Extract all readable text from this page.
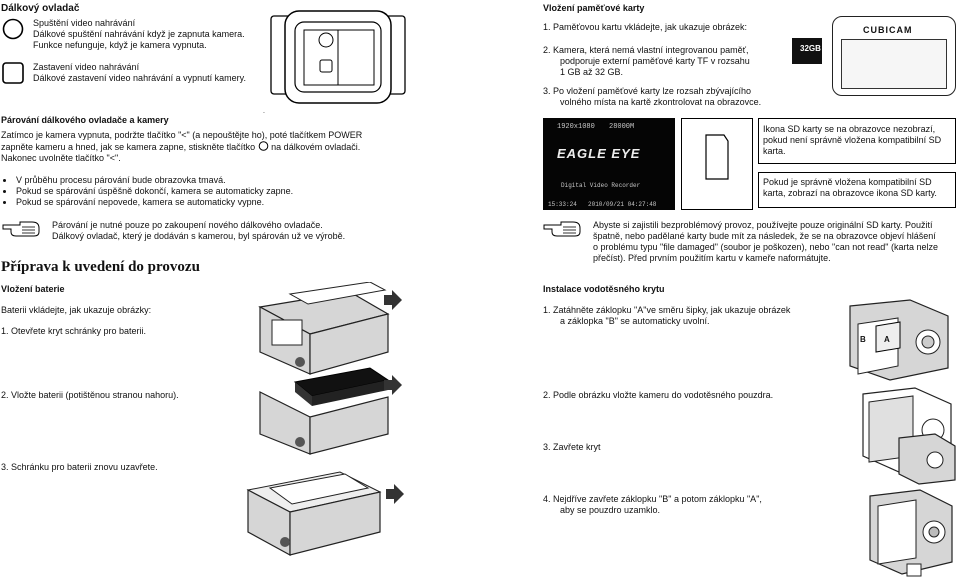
Dálkový ovladač
Spuštění video nahrávání
Dálkové spuštění nahrávání když je zapnuta kamera.
Funkce nefunguje, když je kamera vypnuta.
Zastavení video nahrávání
Dálkové zastavení video nahrávání a vypnutí kamery.
.
Párování dálkového ovladače a kamery
Zatímco je kamera vypnuta, podržte tlačítko "<" (a nepouštějte ho), poté tlačítkem POWER
zapněte kameru a hned, jak se kamera zapne, stiskněte tlačítko na dálkovém ovladači.
Nakonec uvolněte tlačítko "<".
V průběhu procesu párování bude obrazovka tmavá.
Pokud se spárování úspěšně dokončí, kamera se automaticky zapne.
Pokud se spárování nepovede, kamera se automaticky vypne.
Párování je nutné pouze po zakoupení nového dálkového ovladače.
Dálkový ovladač, který je dodáván s kamerou, byl spárován už ve výrobě.
Příprava k uvedení do provozu
Vložení baterie
Baterii vkládejte, jak ukazuje obrázky:
1. Otevřete kryt schránky pro baterii.
2. Vložte baterii (potištěnou stranou nahoru).
3. Schránku pro baterii znovu uzavřete.
Vložení paměťové karty
1. Paměťovou kartu vkládejte, jak ukazuje obrázek:
2. Kamera, která nemá vlastní integrovanou paměť,
podporuje externí paměťové karty TF v rozsahu
1 GB až 32 GB.
3. Po vložení paměťové karty lze rozsah zbývajícího
volného místa na kartě zkontrolovat na obrazovce.
32GB
CUBICAM
1920x1080 28000M
EAGLE EYE
Digital Video Recorder
15:33:24 2010/09/21 04:27:48
Ikona SD karty se na obrazovce nezobrazí, pokud není správně vložena kompatibilní SD karta.
Pokud je správně vložena kompatibilní SD karta, zobrazí na obrazovce ikona SD karty.
Abyste si zajistili bezproblémový provoz, používejte pouze originální SD karty. Použití
špatně, nebo padělané karty bude mít za následek, že se na obrazovce objeví hlášení
o problému typu "file damaged" (soubor je poškozen), nebo "can not read" (karta nelze
přečíst). Před prvním použitím kartu v kameře naformátujte.
Instalace vodotěsného krytu
1. Zatáhněte záklopku "A"ve směru šipky, jak ukazuje obrázek
a záklopka "B" se automaticky uvolní.
2. Podle obrázku vložte kameru do vodotěsného pouzdra.
3. Zavřete kryt
4. Nejdříve zavřete záklopku "B" a potom záklopku "A",
aby se pouzdro uzamklo.
B A
